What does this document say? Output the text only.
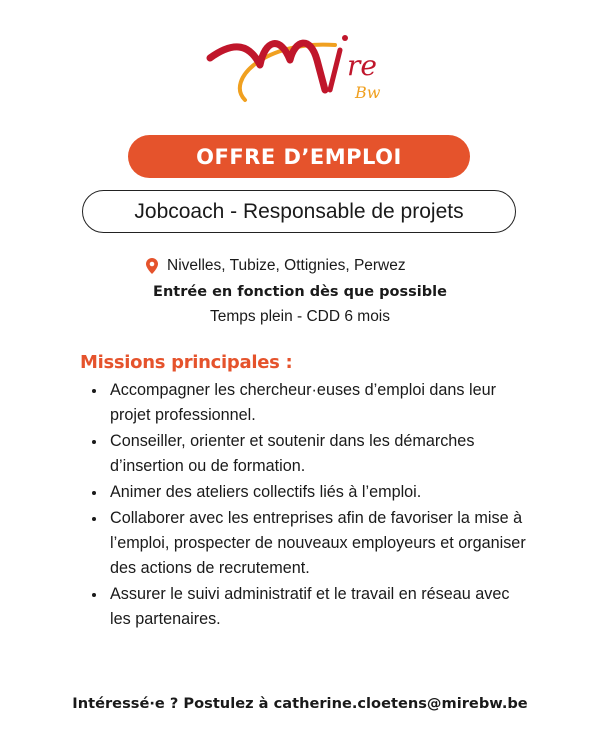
re
Bw
OFFRE D’EMPLOI
Jobcoach - Responsable de projets
Nivelles, Tubize, Ottignies, Perwez
Entrée en fonction dès que possible
Temps plein - CDD 6 mois
Missions principales :
Accompagner les chercheur·euses d’emploi dans leur projet professionnel.
Conseiller, orienter et soutenir dans les démarches d’insertion ou de formation.
Animer des ateliers collectifs liés à l’emploi.
Collaborer avec les entreprises afin de favoriser la mise à l’emploi, prospecter de nouveaux employeurs et organiser des actions de recrutement.
Assurer le suivi administratif et le travail en réseau avec les partenaires.
Intéressé·e ? Postulez à catherine.cloetens@mirebw.be
